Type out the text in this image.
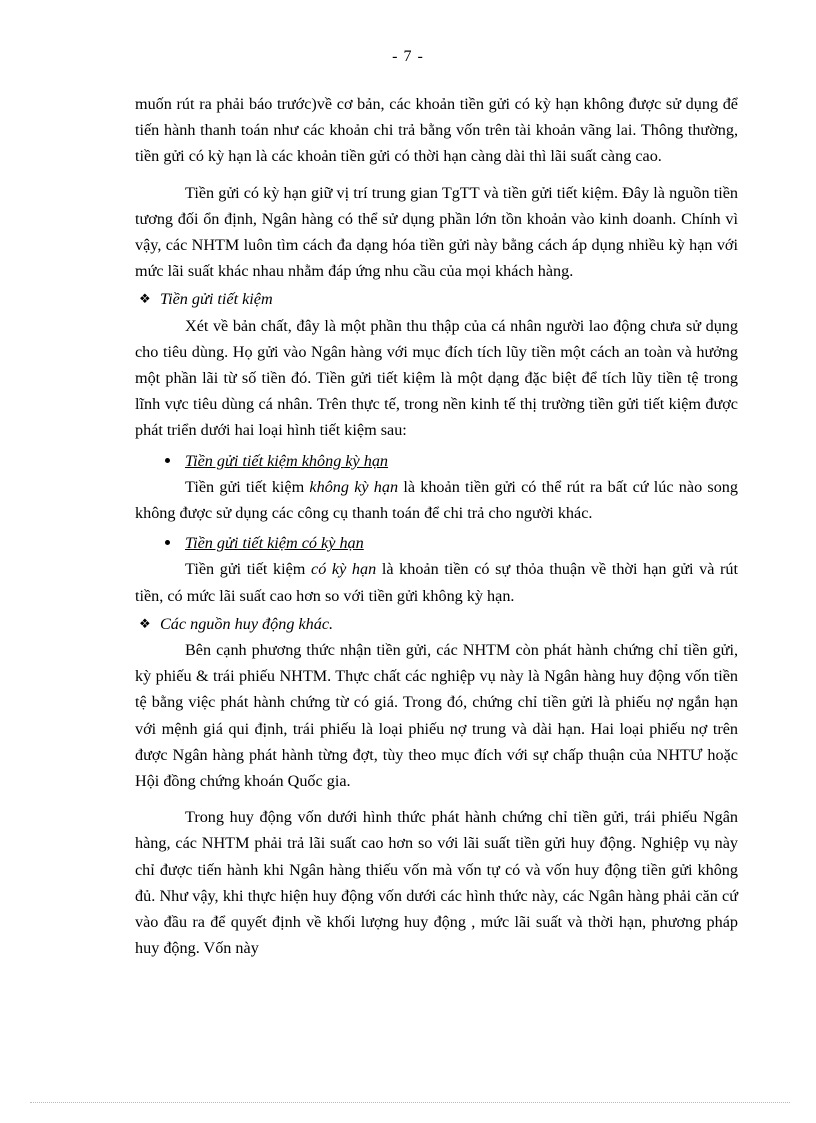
- 7 -

muốn rút ra phải báo trước)về cơ bản, các khoản tiền gửi có kỳ hạn không được sử dụng để tiến hành thanh toán như các khoản chi trả bằng vốn trên tài khoản vãng lai. Thông thường, tiền gửi có kỳ hạn là các khoản tiền gửi có thời hạn càng dài thì lãi suất càng cao.

Tiền gửi có kỳ hạn giữ vị trí trung gian TgTT và tiền gửi tiết kiệm. Đây là nguồn tiền tương đối ổn định, Ngân hàng có thể sử dụng phần lớn tồn khoản vào kinh doanh. Chính vì vậy, các NHTM luôn tìm cách đa dạng hóa tiền gửi này bằng cách áp dụng nhiều kỳ hạn với mức lãi suất khác nhau nhằm đáp ứng nhu cầu của mọi khách hàng.

❖ Tiền gửi tiết kiệm

Xét về bản chất, đây là một phần thu thập của cá nhân người lao động chưa sử dụng cho tiêu dùng. Họ gửi vào Ngân hàng với mục đích tích lũy tiền một cách an toàn và hưởng một phần lãi từ số tiền đó. Tiền gửi tiết kiệm là một dạng đặc biệt để tích lũy tiền tệ trong lĩnh vực tiêu dùng cá nhân. Trên thực tế, trong nền kinh tế thị trường tiền gửi tiết kiệm được phát triển dưới hai loại hình tiết kiệm sau:

Tiền gửi tiết kiệm không kỳ hạn

Tiền gửi tiết kiệm không kỳ hạn là khoản tiền gửi có thể rút ra bất cứ lúc nào song không được sử dụng các công cụ thanh toán để chi trả cho người khác.

Tiền gửi tiết kiệm có kỳ hạn

Tiền gửi tiết kiệm có kỳ hạn là khoản tiền có sự thỏa thuận về thời hạn gửi và rút tiền, có mức lãi suất cao hơn so với tiền gửi không kỳ hạn.

❖ Các nguồn huy động khác.

Bên cạnh phương thức nhận tiền gửi, các NHTM còn phát hành chứng chỉ tiền gửi, kỳ phiếu & trái phiếu NHTM. Thực chất các nghiệp vụ này là Ngân hàng huy động vốn tiền tệ bằng việc phát hành chứng từ có giá. Trong đó, chứng chỉ tiền gửi là phiếu nợ ngắn hạn với mệnh giá qui định, trái phiếu là loại phiếu nợ trung và dài hạn. Hai loại phiếu nợ trên được Ngân hàng phát hành từng đợt, tùy theo mục đích với sự chấp thuận của NHTƯ hoặc Hội đồng chứng khoán Quốc gia.

Trong huy động vốn dưới hình thức phát hành chứng chỉ tiền gửi, trái phiếu Ngân hàng, các NHTM phải trả lãi suất cao hơn so với lãi suất tiền gửi huy động. Nghiệp vụ này chỉ được tiến hành khi Ngân hàng thiếu vốn mà vốn tự có và vốn huy động tiền gửi không đủ. Như vậy, khi thực hiện huy động vốn dưới các hình thức này, các Ngân hàng phải căn cứ vào đầu ra để quyết định về khối lượng huy động , mức lãi suất và thời hạn, phương pháp huy động. Vốn này
